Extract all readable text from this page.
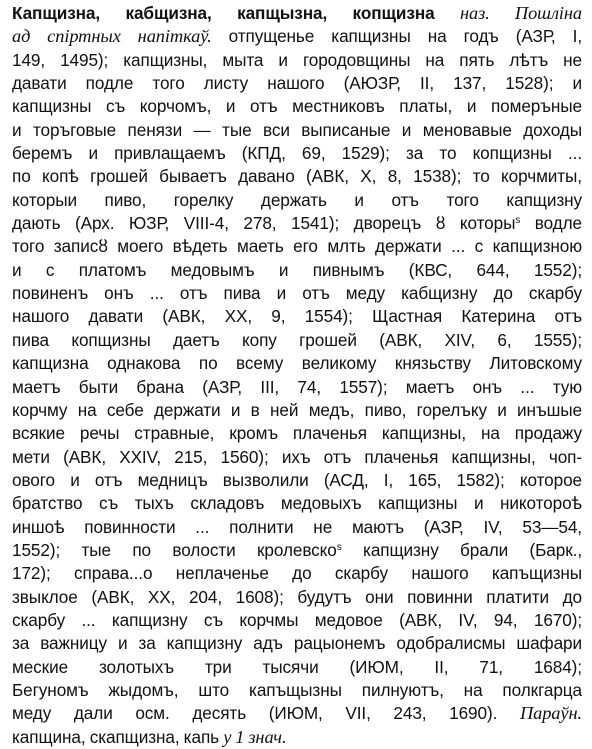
Капщизна, кабщизна, капщызна, копщизна наз. Пошліна
ад спіртных напіткаў. отпущенье капщизны на годъ (АЗР, І,
149, 1495); капщизны, мыта и городовщины на пять лѣтъ не
давати подле того листу нашого (АЮЗР, II, 137, 1528); и
капщизны съ корчомъ, и отъ местниковъ платы, и померъные
и торъговые пенязи — тые вси выписаные и меновавые доходы
беремъ и привлащаемъ (КПД, 69, 1529); за то копщизны ...
по копѣ грошей бываетъ давано (АВК, X, 8, 1538); то корчмиты,
которыи пиво, горелку держать и отъ того капщизну
дають (Арх. ЮЗР, VIII-4, 278, 1541); дворецъ ȣ которы$^s$ водле
того записȣ моего вѣдеть маеть его млть держати ... с капщизною
и с платомъ медовымъ и пивнымъ (КВС, 644, 1552);
повиненъ онъ ... отъ пива и отъ меду кабщизну до скарбу
нашого давати (АВК, XX, 9, 1554); Щастная Катерина отъ
пива копщизны даетъ копу грошей (АВК, XIV, 6, 1555);
капщизна однакова по всему великому князьству Литовскому
маетъ быти брана (АЗР, III, 74, 1557); маетъ онъ ... тую
корчму на себе держати и в ней медъ, пиво, горелъку и инъшые
всякие речы стравные, кромъ плаченья капщизны, на продажу
мети (АВК, XXIV, 215, 1560); ихъ отъ плаченья капщизны, чоп-
ового и отъ медницъ вызволили (АСД, I, 165, 1582); которое
братство съ тыхъ складовъ медовыхъ капщизны и никотороѣ
иншоѣ повинности ... полнити не маютъ (АЗР, IV, 53—54,
1552); тые по волости кролевско$^s$ капщизну брали (Барк.,
172); справа...о неплаченье до скарбу нашого капъщизны
звыклое (АВК, XX, 204, 1608); будутъ они повинни платити до
скарбу ... капщизну съ корчмы медовое (АВК, IV, 94, 1670);
за важницу и за капщизну адъ рацыонемъ одобралисмы шафари
меские золотыхъ три тысячи (ИЮМ, II, 71, 1684);
Бегуномъ жыдомъ, што капъщызны пилнуютъ, на полкгарца
меду дали осм. десять (ИЮМ, VII, 243, 1690). Параўн.
капщина, скапщизна, капь у 1 знач.
